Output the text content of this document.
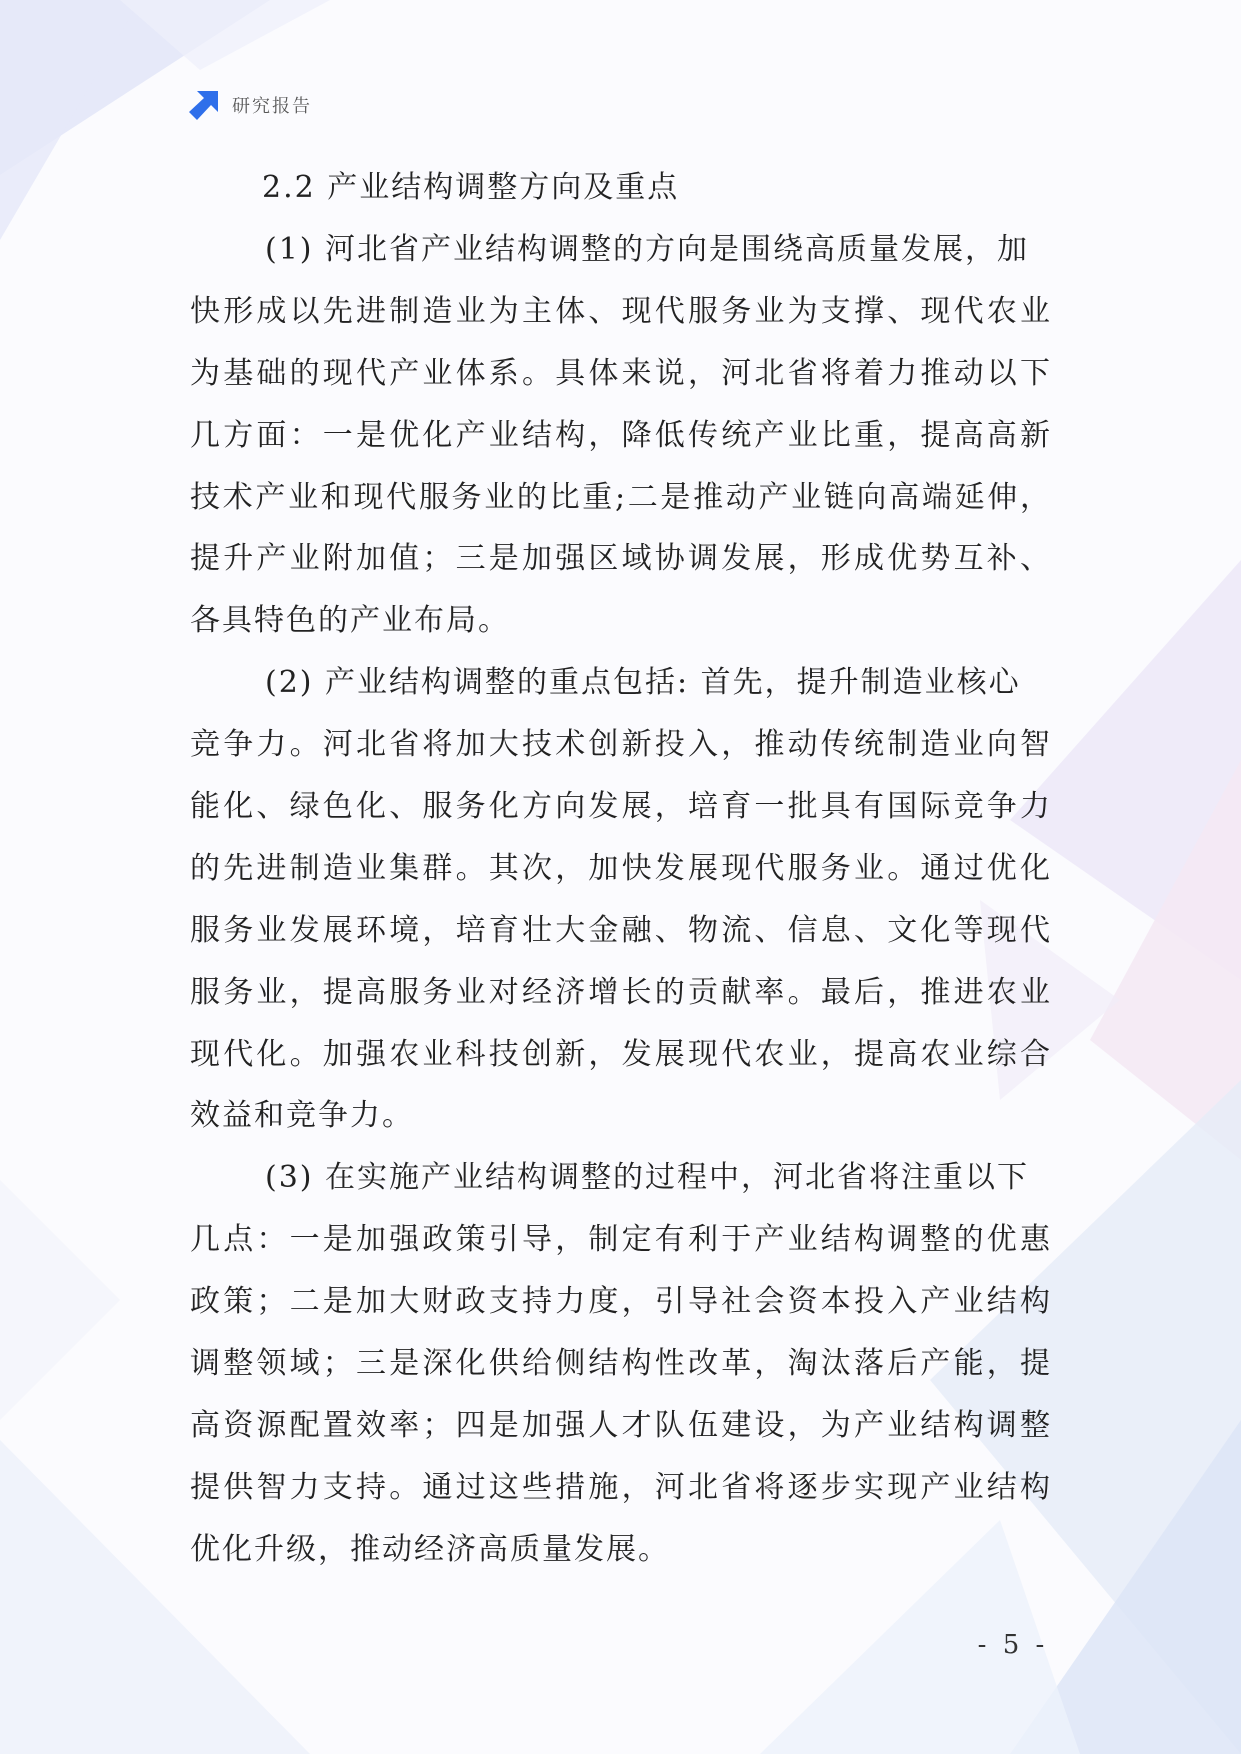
研究报告
2.2 产业结构调整方向及重点
(1) 河北省产业结构调整的方向是围绕高质量发展，加
快形成以先进制造业为主体、现代服务业为支撑、现代农业
为基础的现代产业体系。具体来说，河北省将着力推动以下
几方面：一是优化产业结构，降低传统产业比重，提高高新
技术产业和现代服务业的比重;二是推动产业链向高端延伸，
提升产业附加值；三是加强区域协调发展，形成优势互补、
各具特色的产业布局。
(2) 产业结构调整的重点包括: 首先，提升制造业核心
竞争力。河北省将加大技术创新投入，推动传统制造业向智
能化、绿色化、服务化方向发展，培育一批具有国际竞争力
的先进制造业集群。其次，加快发展现代服务业。通过优化
服务业发展环境，培育壮大金融、物流、信息、文化等现代
服务业，提高服务业对经济增长的贡献率。最后，推进农业
现代化。加强农业科技创新，发展现代农业，提高农业综合
效益和竞争力。
(3) 在实施产业结构调整的过程中，河北省将注重以下
几点：一是加强政策引导，制定有利于产业结构调整的优惠
政策；二是加大财政支持力度，引导社会资本投入产业结构
调整领域；三是深化供给侧结构性改革，淘汰落后产能，提
高资源配置效率；四是加强人才队伍建设，为产业结构调整
提供智力支持。通过这些措施，河北省将逐步实现产业结构
优化升级，推动经济高质量发展。
- 5 -
